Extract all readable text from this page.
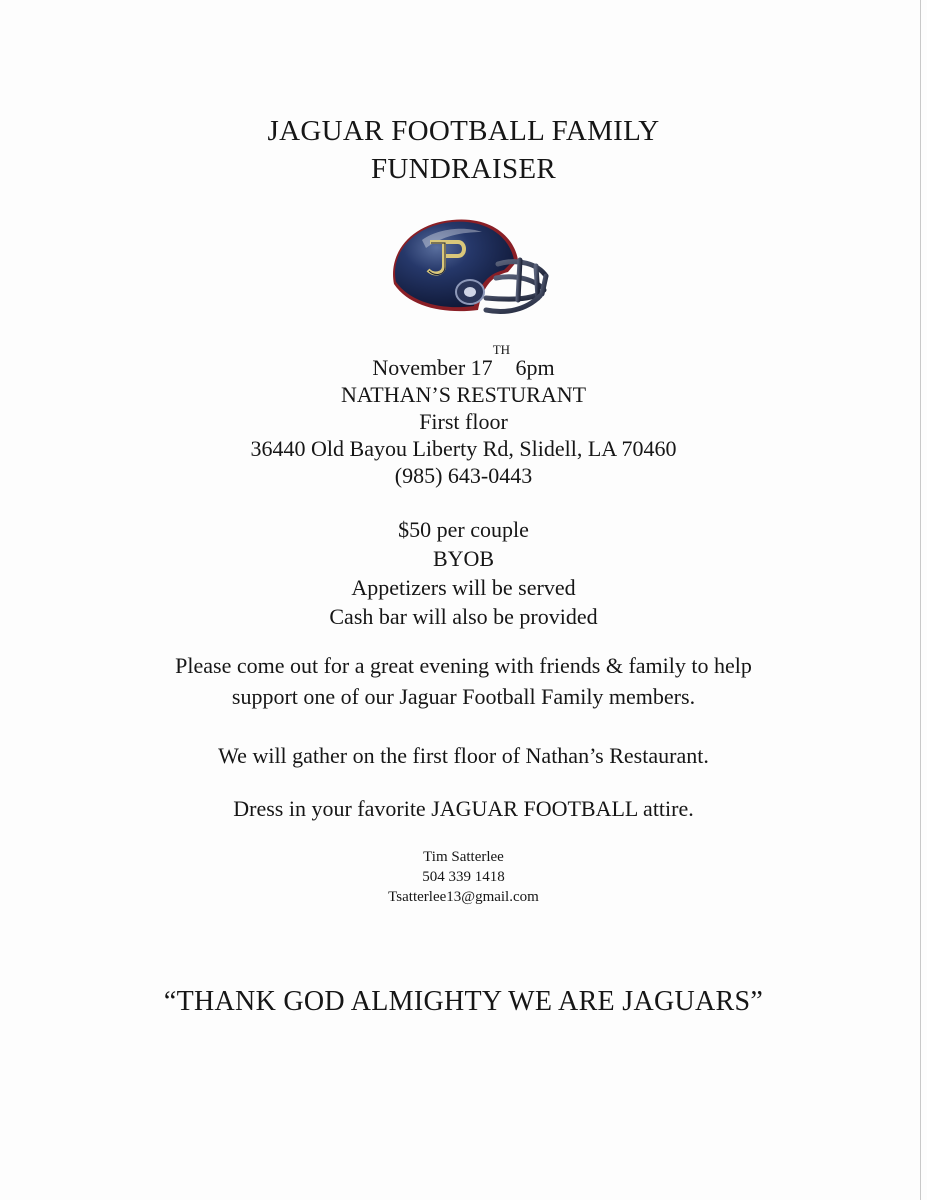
JAGUAR FOOTBALL FAMILY
FUNDRAISER
November 17TH 6pm
NATHAN’S RESTURANT
First floor
36440 Old Bayou Liberty Rd, Slidell, LA 70460
(985) 643-0443
$50 per couple
BYOB
Appetizers will be served
Cash bar will also be provided
Please come out for a great evening with friends & family to help
support one of our Jaguar Football Family members.
We will gather on the first floor of Nathan’s Restaurant.
Dress in your favorite JAGUAR FOOTBALL attire.
Tim Satterlee
504 339 1418
Tsatterlee13@gmail.com
“THANK GOD ALMIGHTY WE ARE JAGUARS”
